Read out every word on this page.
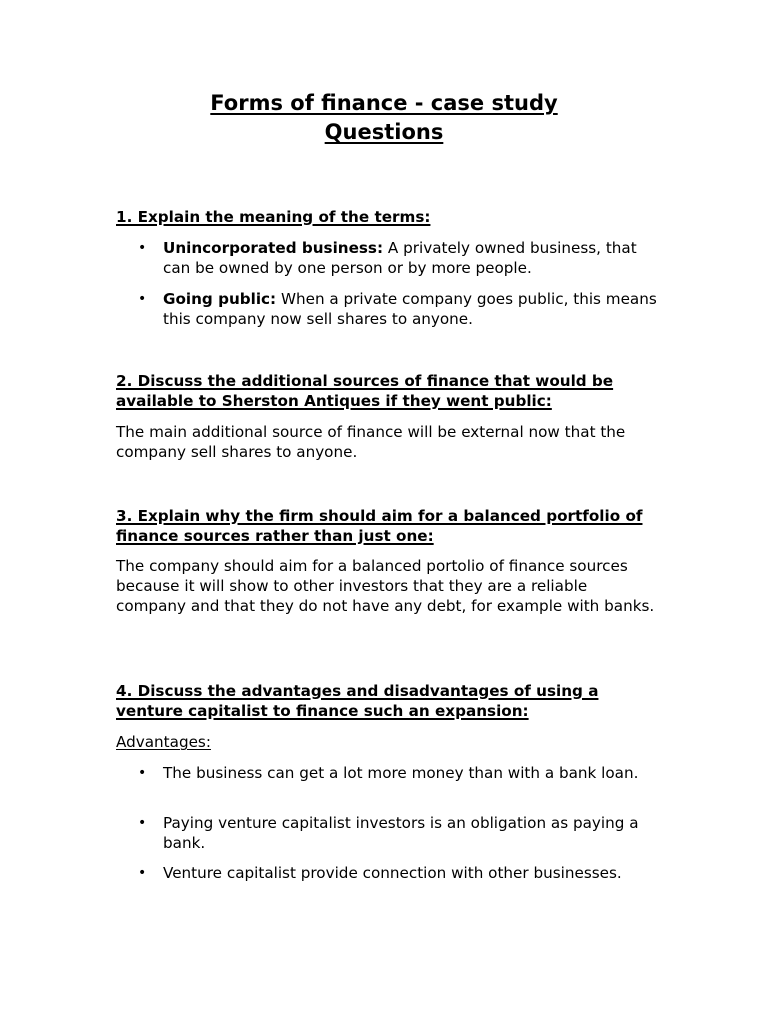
Forms of finance - case study
Questions
1. Explain the meaning of the terms:
• Unincorporated business: A privately owned business, that can be owned by one person or by more people.
• Going public: When a private company goes public, this means this company now sell shares to anyone.
2. Discuss the additional sources of finance that would be available to Sherston Antiques if they went public:
The main additional source of finance will be external now that the company sell shares to anyone.
3. Explain why the firm should aim for a balanced portfolio of finance sources rather than just one:
The company should aim for a balanced portolio of finance sources because it will show to other investors that they are a reliable company and that they do not have any debt, for example with banks.
4. Discuss the advantages and disadvantages of using a venture capitalist to finance such an expansion:
Advantages:
• The business can get a lot more money than with a bank loan.
• Paying venture capitalist investors is an obligation as paying a bank.
• Venture capitalist provide connection with other businesses.
